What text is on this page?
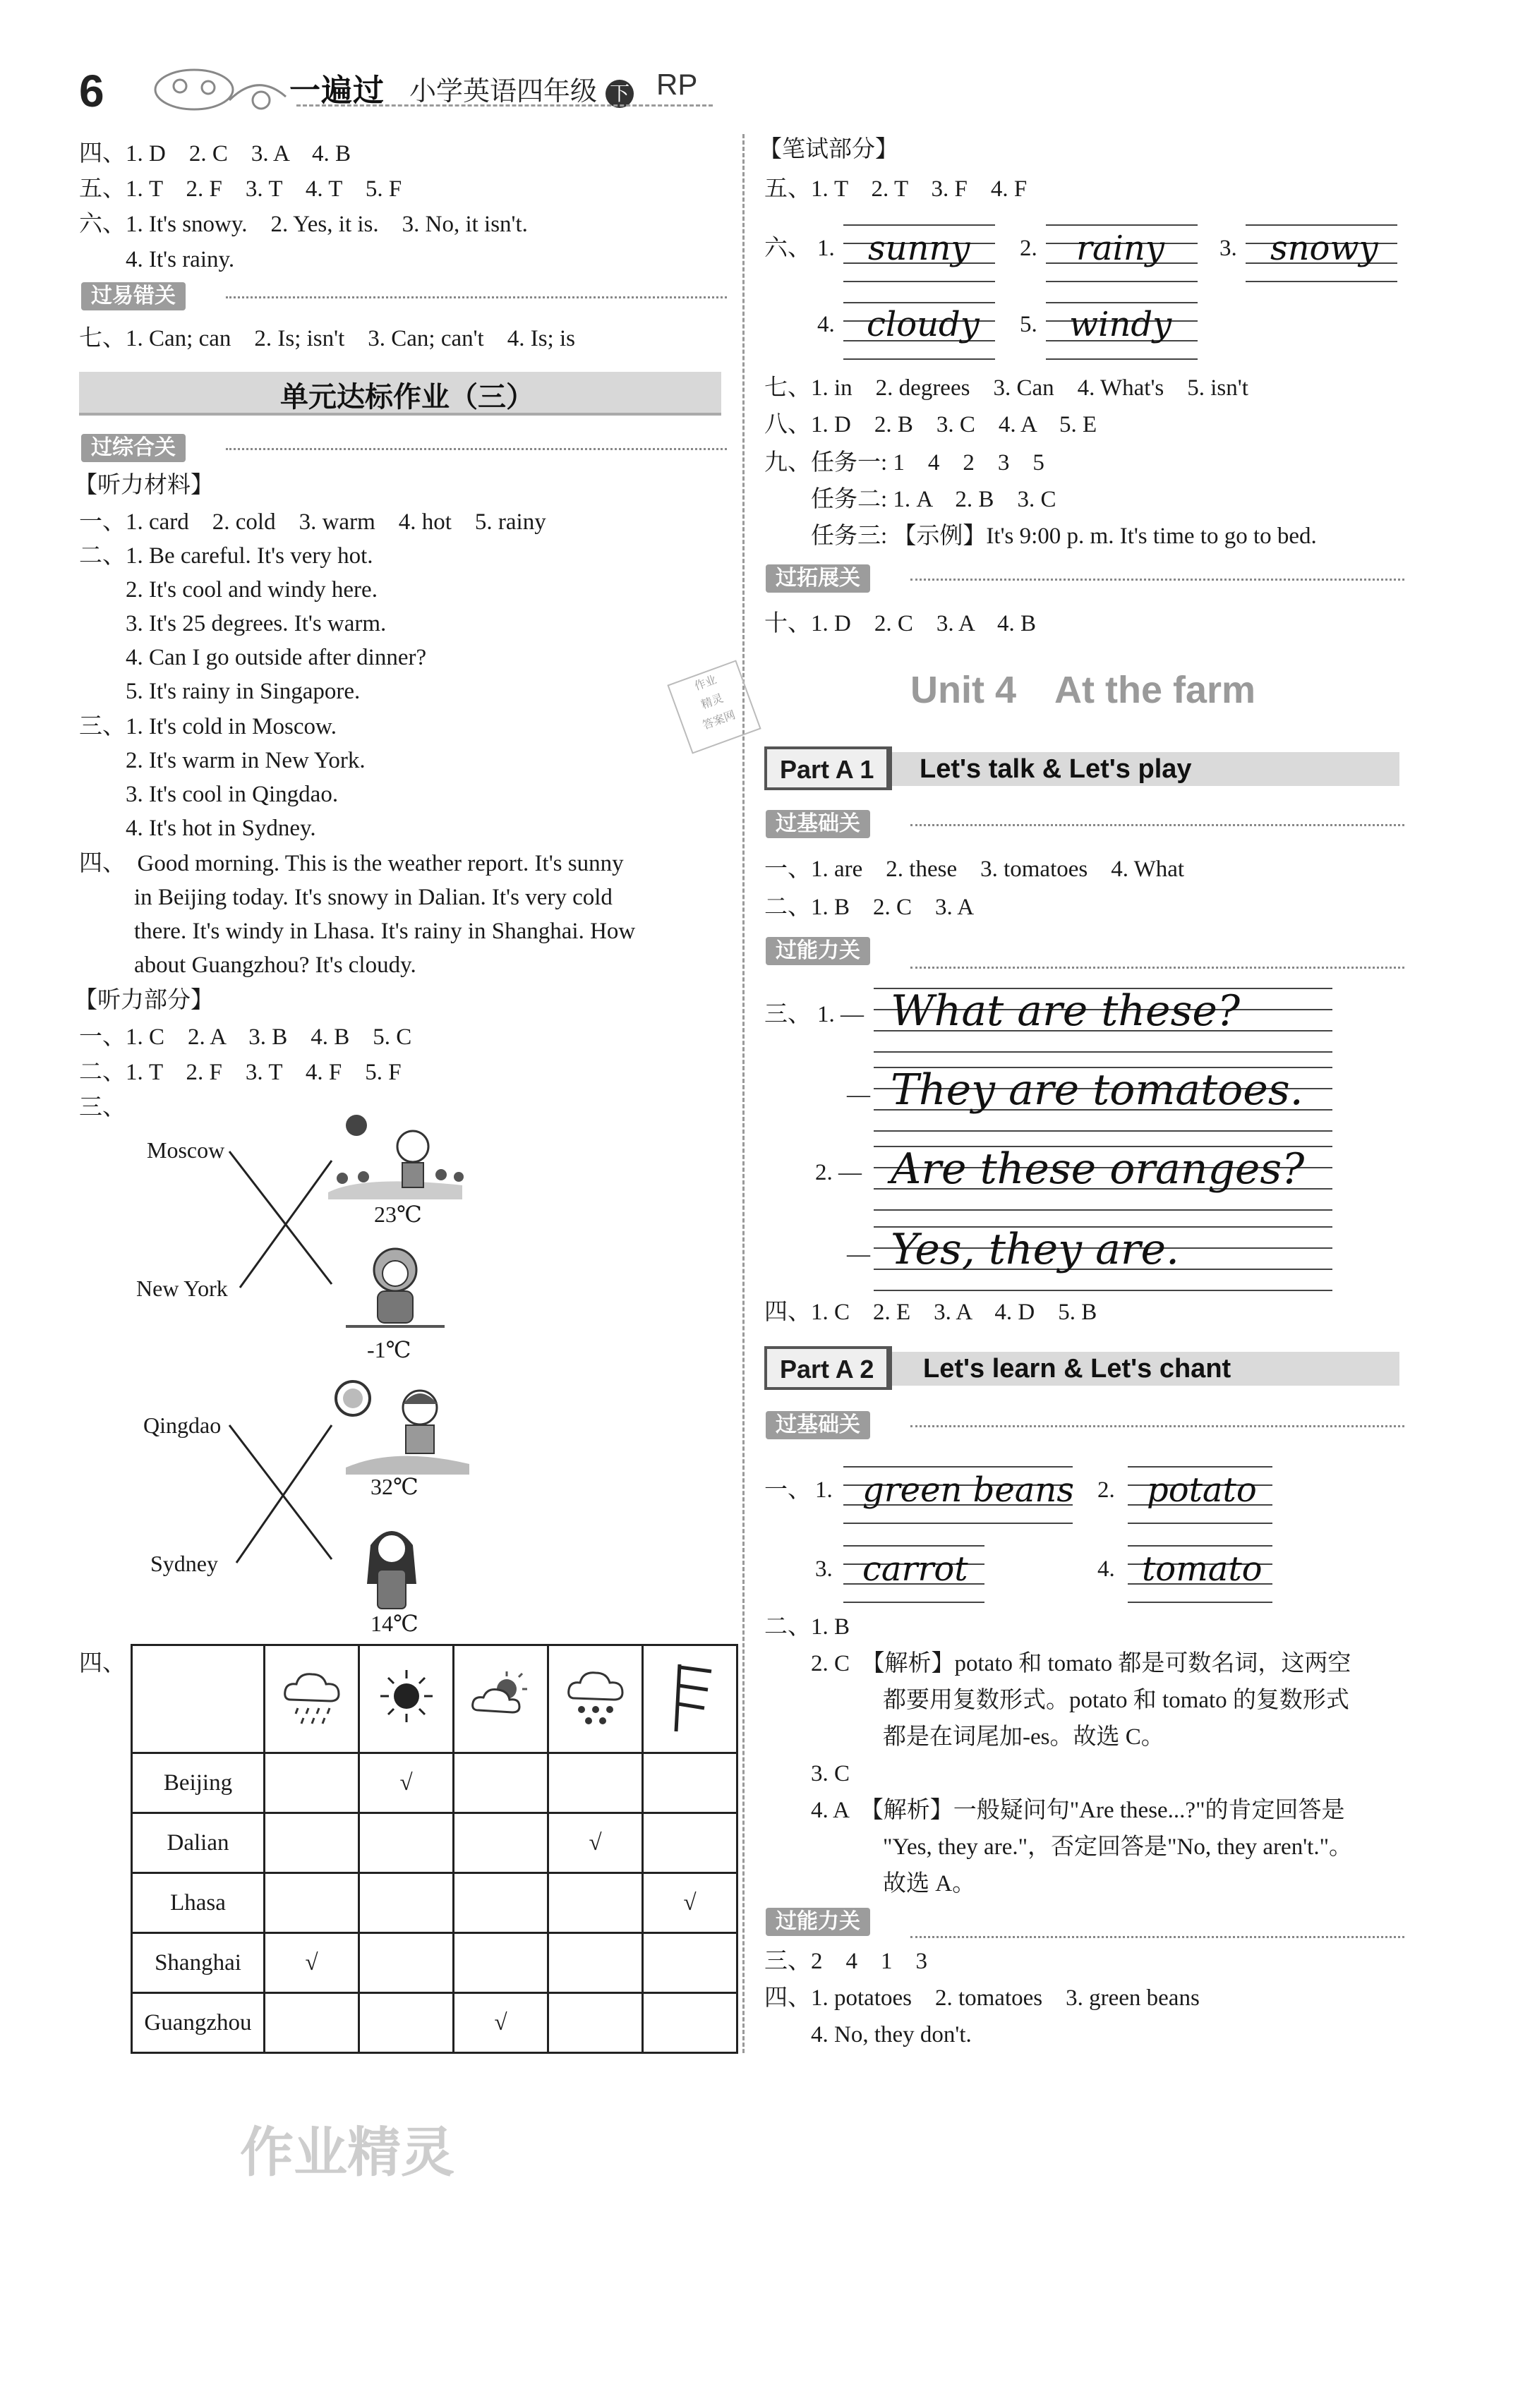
6	一遍过 小学英语四年级 下 RP
四、1. D　2. C　3. A　4. B
五、1. T　2. F　3. T　4. T　5. F
六、1. It's snowy.　2. Yes, it is.　3. No, it isn't.
　　4. It's rainy.
过易错关
七、1. Can; can　2. Is; isn't　3. Can; can't　4. Is; is
单元达标作业（三）
过综合关
【听力材料】
一、1. card　2. cold　3. warm　4. hot　5. rainy
二、1. Be careful. It's very hot.
　　2. It's cool and windy here.
　　3. It's 25 degrees. It's warm.
　　4. Can I go outside after dinner?
　　5. It's rainy in Singapore.
三、1. It's cold in Moscow.
　　2. It's warm in New York.
　　3. It's cool in Qingdao.
　　4. It's hot in Sydney.
四、　Good morning. This is the weather report. It's sunny
in Beijing today. It's snowy in Dalian. It's very cold
there. It's windy in Lhasa. It's rainy in Shanghai. How
about Guangzhou? It's cloudy.
【听力部分】
一、1. C　2. A　3. B　4. B　5. C
二、1. T　2. F　3. T　4. F　5. F
三、
Moscow
New York
Qingdao
Sydney
23℃
-1℃
32℃
14℃
四、

Beijing		√			
Dalian				√	
Lhasa					√
Shanghai	√				
Guangzhou			√		
【笔试部分】
五、1. T　2. T　3. F　4. F
六、 1. sunny 2. rainy 3. snowy
4. cloudy 5. windy
七、1. in　2. degrees　3. Can　4. What's　5. isn't
八、1. D　2. B　3. C　4. A　5. E
九、任务一: 1　4　2　3　5
　　任务二: 1. A　2. B　3. C
　　任务三: 【示例】It's 9:00 p. m. It's time to go to bed.
过拓展关
十、1. D　2. C　3. A　4. B
Unit 4　At the farm
Part A 1	Let's talk & Let's play
过基础关
一、1. are　2. these　3. tomatoes　4. What
二、1. B　2. C　3. A
过能力关
三、 1. — What are these?
— They are tomatoes.
2. — Are these oranges?
— Yes, they are.
四、1. C　2. E　3. A　4. D　5. B
Part A 2	Let's learn & Let's chant
过基础关
一、 1. green beans 2. potato
3. carrot	4. tomato
二、1. B
　　2. C　【解析】potato 和 tomato 都是可数名词，这两空
　　都要用复数形式。potato 和 tomato 的复数形式
　　都是在词尾加-es。故选 C。
　　3. C
　　4. A　【解析】一般疑问句"Are these...?"的肯定回答是
　　"Yes, they are."，否定回答是"No, they aren't."。
　　故选 A。
过能力关
三、2　4　1　3
四、1. potatoes　2. tomatoes　3. green beans
　　4. No, they don't.
作业
精灵
答案网
作业精灵
